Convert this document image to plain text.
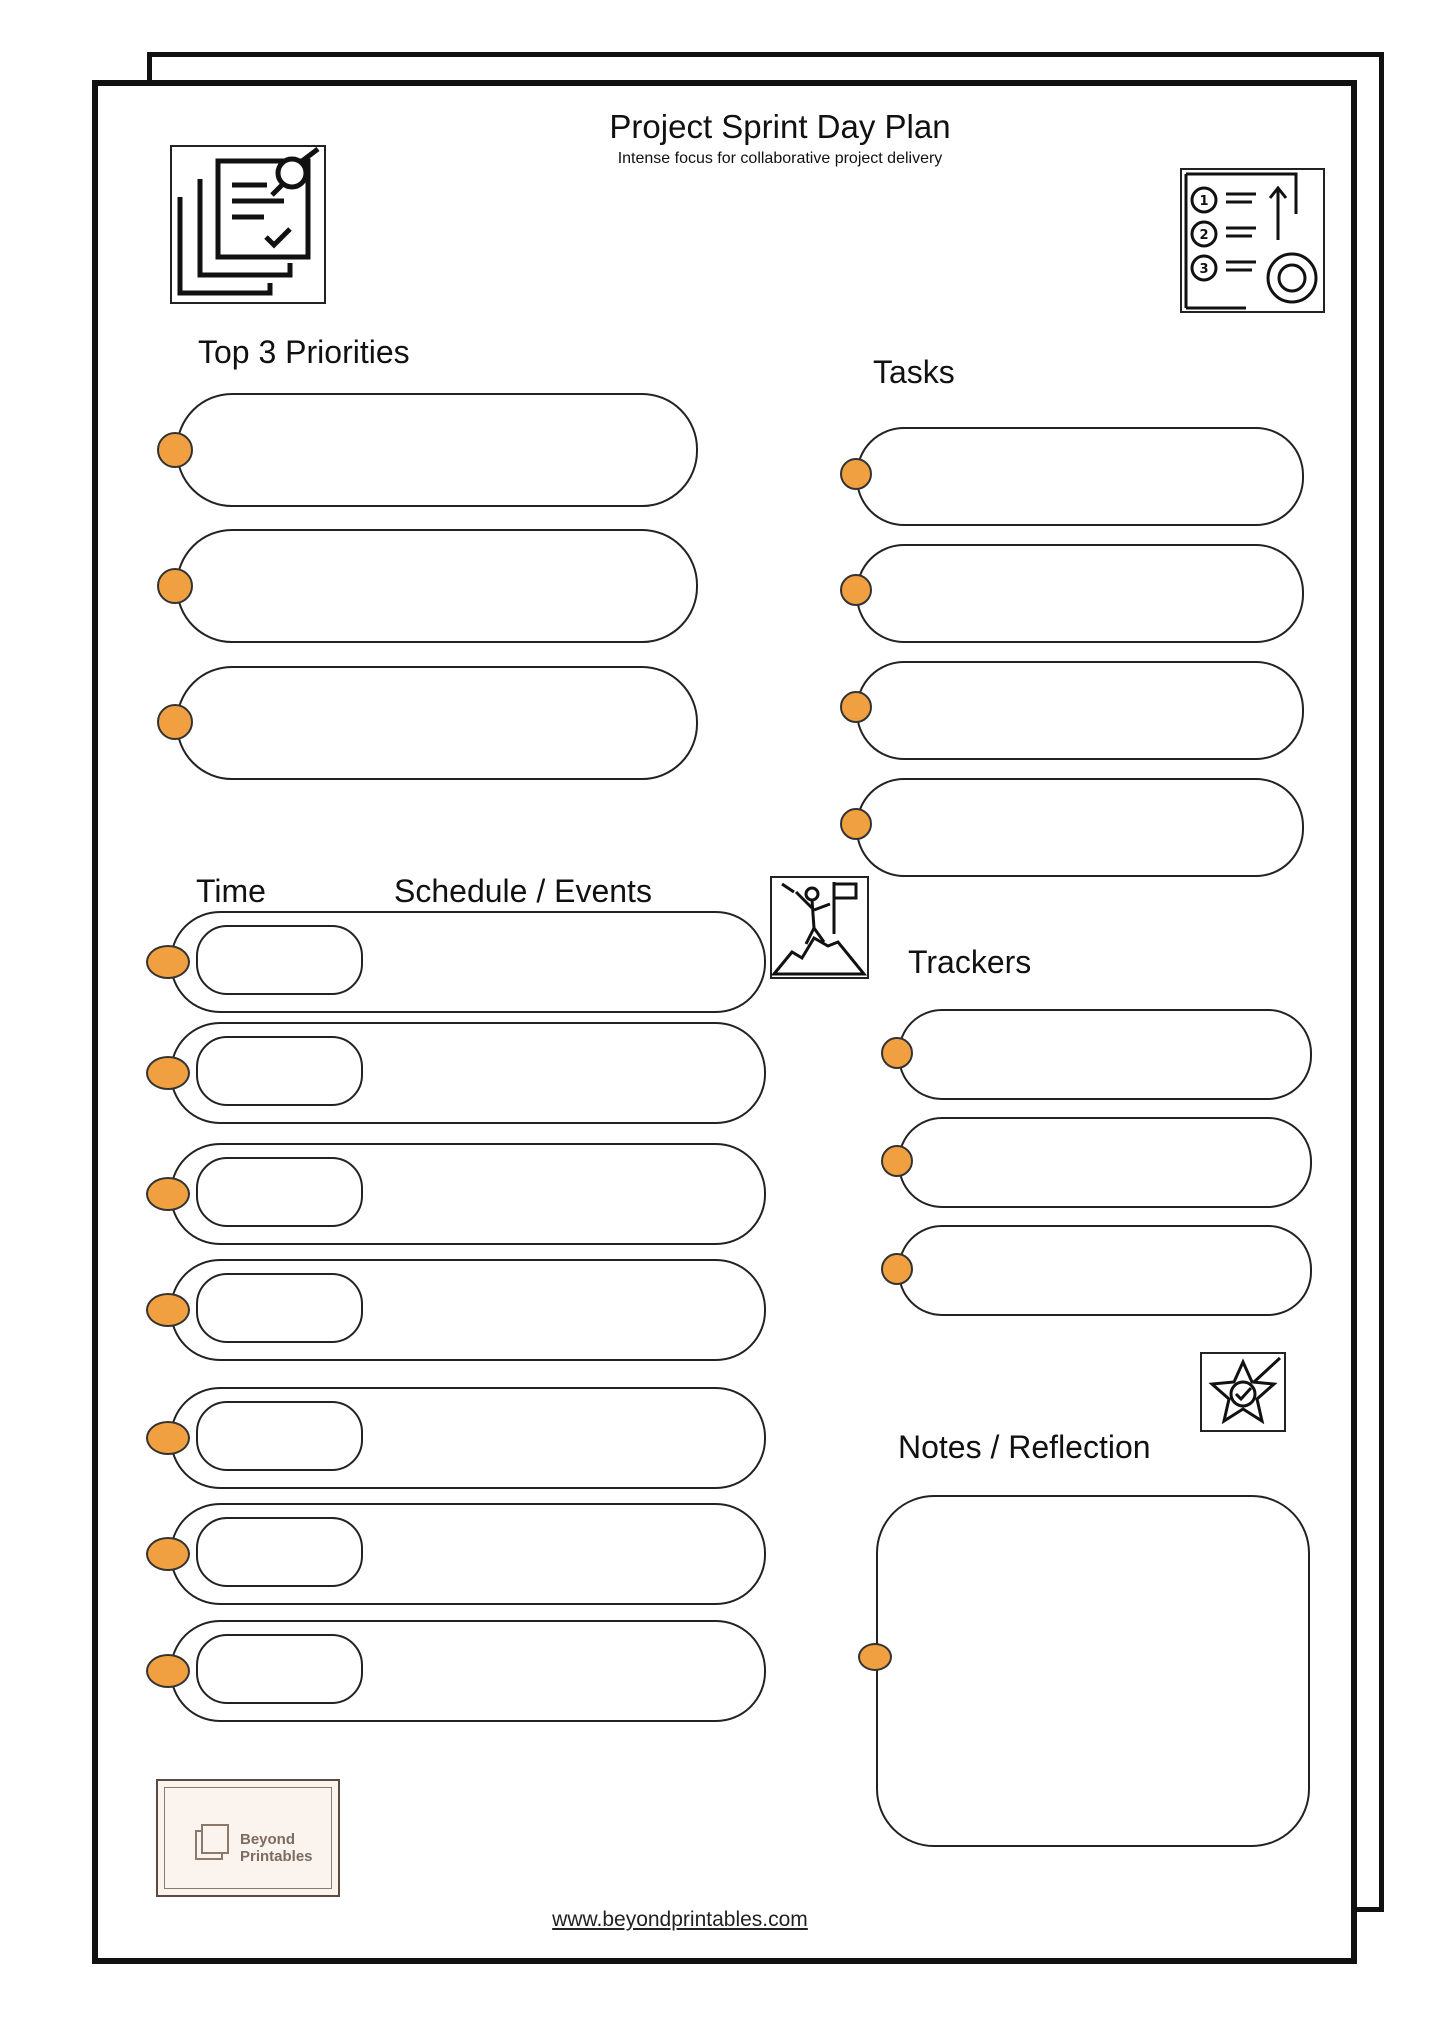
1
2
3
Project Sprint Day Plan
Intense focus for collaborative project delivery
Top 3 Priorities
Tasks
Time	Schedule / Events
Trackers
Notes / Reflection
Beyond
Printables
www.beyondprintables.com
